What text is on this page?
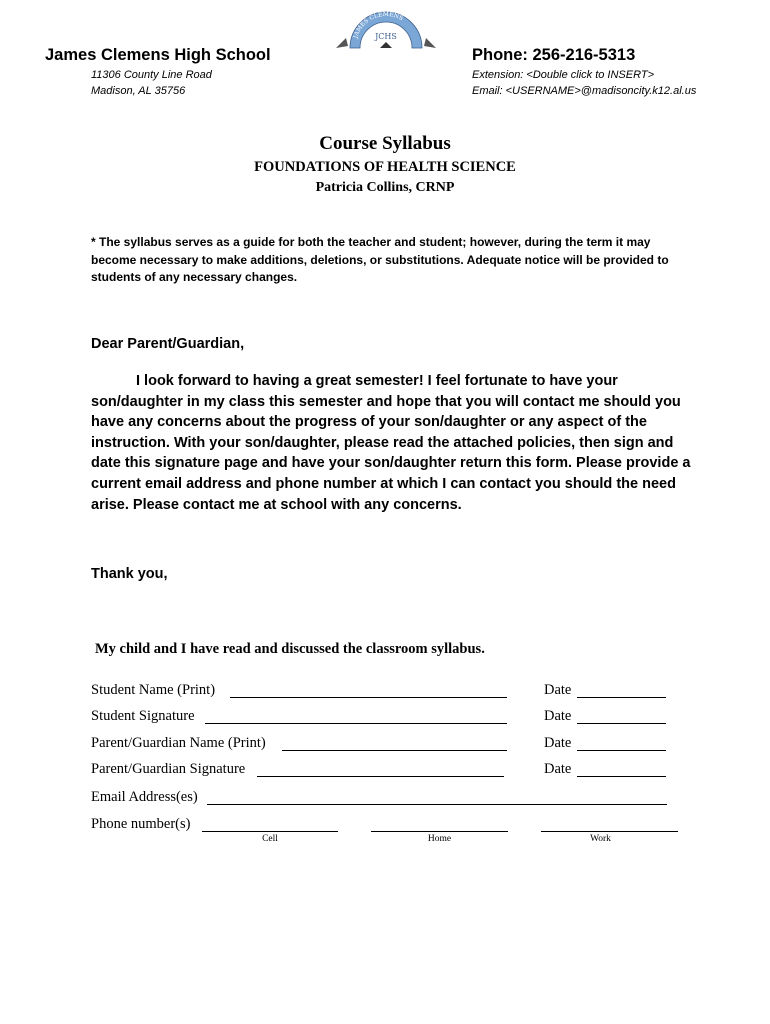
JAMES CLEMENS
JCHS
James Clemens High School
11306 County Line Road
Madison, AL 35756
Phone: 256-216-5313
Extension: <Double click to INSERT>
Email: <USERNAME>@madisoncity.k12.al.us
Course Syllabus
FOUNDATIONS OF HEALTH SCIENCE
Patricia Collins, CRNP

* The syllabus serves as a guide for both the teacher and student; however, during the term it may become necessary to make additions, deletions, or substitutions. Adequate notice will be provided to students of any necessary changes.

Dear Parent/Guardian,

I look forward to having a great semester! I feel fortunate to have your son/daughter in my class this semester and hope that you will contact me should you have any concerns about the progress of your son/daughter or any aspect of the instruction. With your son/daughter, please read the attached policies, then sign and date this signature page and have your son/daughter return this form. Please provide a current email address and phone number at which I can contact you should the need arise. Please contact me at school with any concerns.

Thank you,
My child and I have read and discussed the classroom syllabus.
Student Name (Print)	Date
Student Signature	Date
Parent/Guardian Name (Print)	Date
Parent/Guardian Signature	Date
Email Address(es)
Phone number(s)
Cell	Home	Work
